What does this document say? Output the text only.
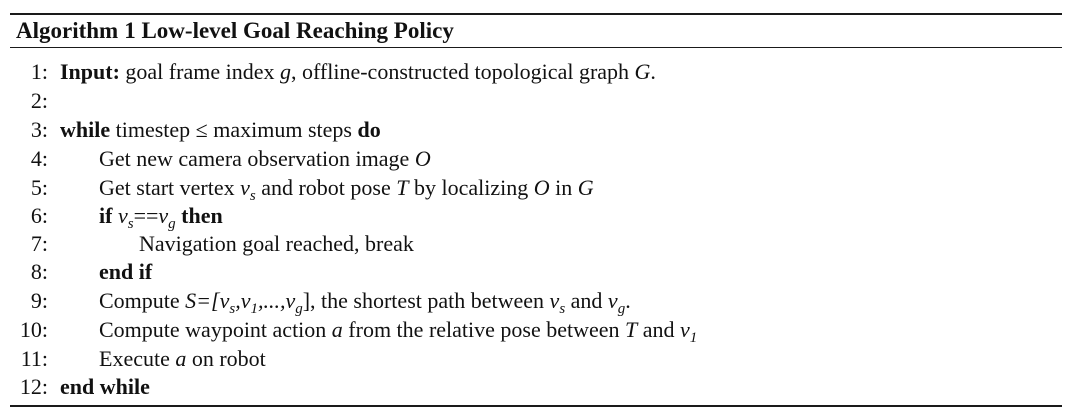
Algorithm 1 Low-level Goal Reaching Policy
1: Input: goal frame index g, offline-constructed topological graph G.
2:
3: while timestep ≤ maximum steps do
4: Get new camera observation image O
5: Get start vertex $v_s$ and robot pose T by localizing O in G
6: if $v_s==v_g$ then
7:	Navigation goal reached, break
8: end if
9: Compute $S=[v_s,v_1,...,v_g]$, the shortest path between $v_s$ and $v_g$.
10: Compute waypoint action a from the relative pose between T and $v_1$
11: Execute a on robot
12: end while
